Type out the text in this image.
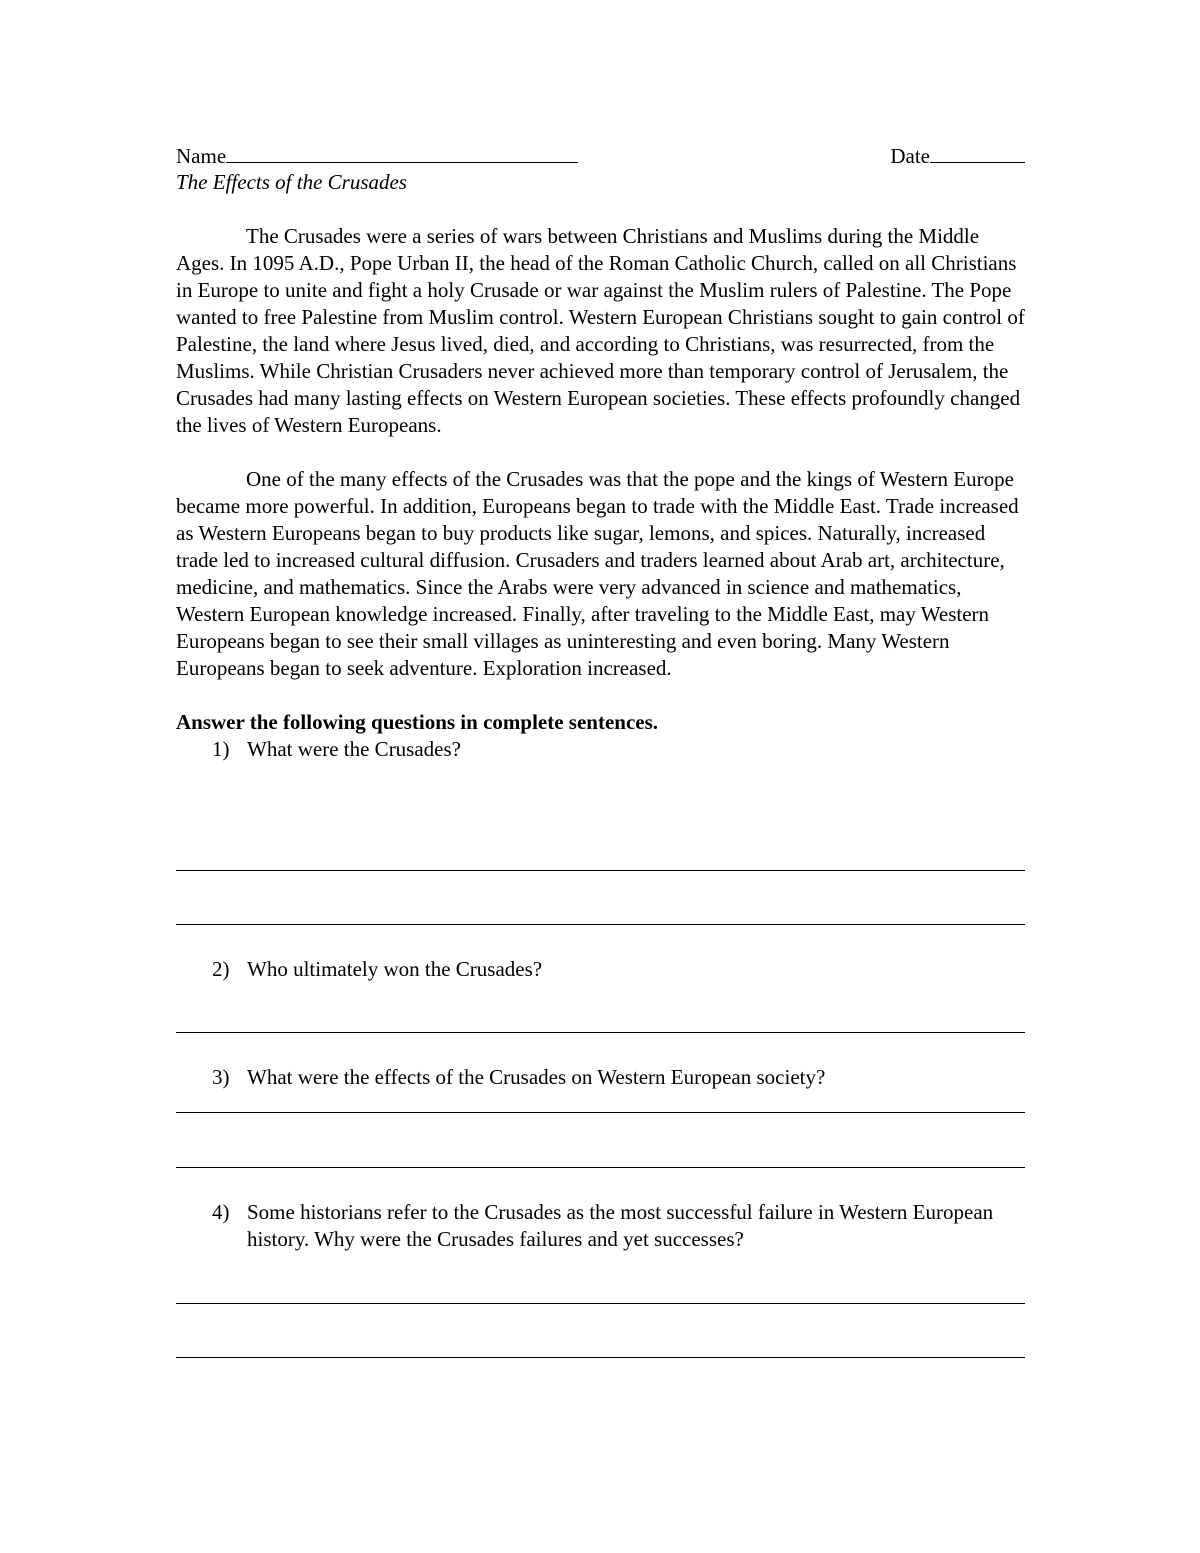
Name	Date
The Effects of the Crusades

The Crusades were a series of wars between Christians and Muslims during the Middle Ages. In 1095 A.D., Pope Urban II, the head of the Roman Catholic Church, called on all Christians in Europe to unite and fight a holy Crusade or war against the Muslim rulers of Palestine. The Pope wanted to free Palestine from Muslim control. Western European Christians sought to gain control of Palestine, the land where Jesus lived, died, and according to Christians, was resurrected, from the Muslims. While Christian Crusaders never achieved more than temporary control of Jerusalem, the Crusades had many lasting effects on Western European societies. These effects profoundly changed the lives of Western Europeans.

One of the many effects of the Crusades was that the pope and the kings of Western Europe became more powerful. In addition, Europeans began to trade with the Middle East. Trade increased as Western Europeans began to buy products like sugar, lemons, and spices. Naturally, increased trade led to increased cultural diffusion. Crusaders and traders learned about Arab art, architecture, medicine, and mathematics. Since the Arabs were very advanced in science and mathematics, Western European knowledge increased. Finally, after traveling to the Middle East, may Western Europeans began to see their small villages as uninteresting and even boring. Many Western Europeans began to seek adventure. Exploration increased.

Answer the following questions in complete sentences.

1) What were the Crusades?
2) Who ultimately won the Crusades?
3) What were the effects of the Crusades on Western European society?
4) Some historians refer to the Crusades as the most successful failure in Western European history. Why were the Crusades failures and yet successes?
